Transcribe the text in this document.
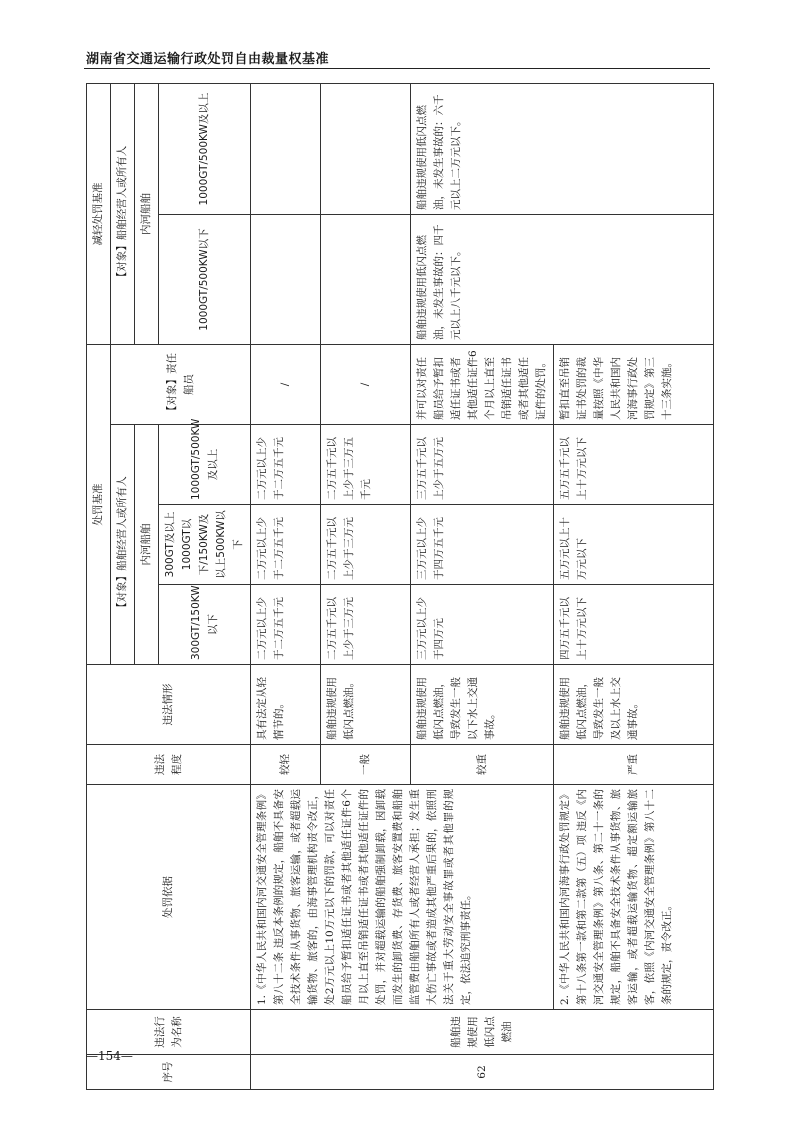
湖南省交通运输行政处罚自由裁量权基准
序号	违法行为名称	处罚依据	违法程度	违法情形	处罚基准				减轻处罚基准	
					【对象】船舶经营人或所有人			【对象】责任船员	【对象】船舶经营人或所有人	
					内河船舶				内河船舶	
					300GT/150KW以下	300GT及以上1000GT以下/150KW及以上500KW以下	1000GT/500KW及以上		1000GT/500KW以下	1000GT/500KW及以上
62	船舶违规使用低闪点燃油	1.《中华人民共和国内河交通安全管理条例》第八十二条 违反本条例的规定，船舶不具备安全技术条件从事货物、旅客运输，或者超载运输货物、旅客的，由海事管理机构责令改正，处2万元以上10万元以下的罚款，可以对责任船员给予暂扣适任证书或者其他适任证件6个月以上直至吊销适任证书或者其他适任证件的处罚，并对超载运输的船舶强制卸载，因卸载而发生的卸货费、存货费、旅客安置费和船舶监管费由船舶所有人或者经营人承担；发生重大伤亡事故或者造成其他严重后果的，依照刑法关于重大劳动安全事故罪或者其他罪的规定，依法追究刑事责任。	较轻	具有法定从轻情节的。	二万元以上少于二万五千元	二万元以上少于二万五千元	二万元以上少于二万五千元	/		
			一般	船舶违规使用低闪点燃油。	二万五千元以上少于三万元	二万五千元以上少于三万元	二万五千元以上少于三万五千元	/		
			较重	船舶违规使用低闪点燃油，导致发生一般以下水上交通事故。	三万元以上少于四万元	三万元以上少于四万五千元	三万五千元以上少于五万元	并可以对责任船员给予暂扣适任证书或者其他适任证件6个月以上直至吊销适任证书或者其他适任证件的处罚。	船舶违规使用低闪点燃油，未发生事故的：四千元以上八千元以下。	船舶违规使用低闪点燃油，未发生事故的：六千元以上二万元以下。

		2.《中华人民共和国内河海事行政处罚规定》第十八条第一款和第二款第（五）项 违反《内河交通安全管理条例》第八条、第二十一条的规定，船舶不具备安全技术条件从事货物、旅客运输，或者超载运输货物、超定额运输旅客，依照《内河交通安全管理条例》第八十二条的规定，责令改正。	严重	船舶违规使用低闪点燃油，导致发生一般及以上水上交通事故。	四万五千元以上十万元以下	五万元以上十万元以下	五万五千元以上十万元以下	暂扣直至吊销证书处罚的裁量按照《中华人民共和国内河海事行政处罚规定》第三十三条实施。		
—154—
